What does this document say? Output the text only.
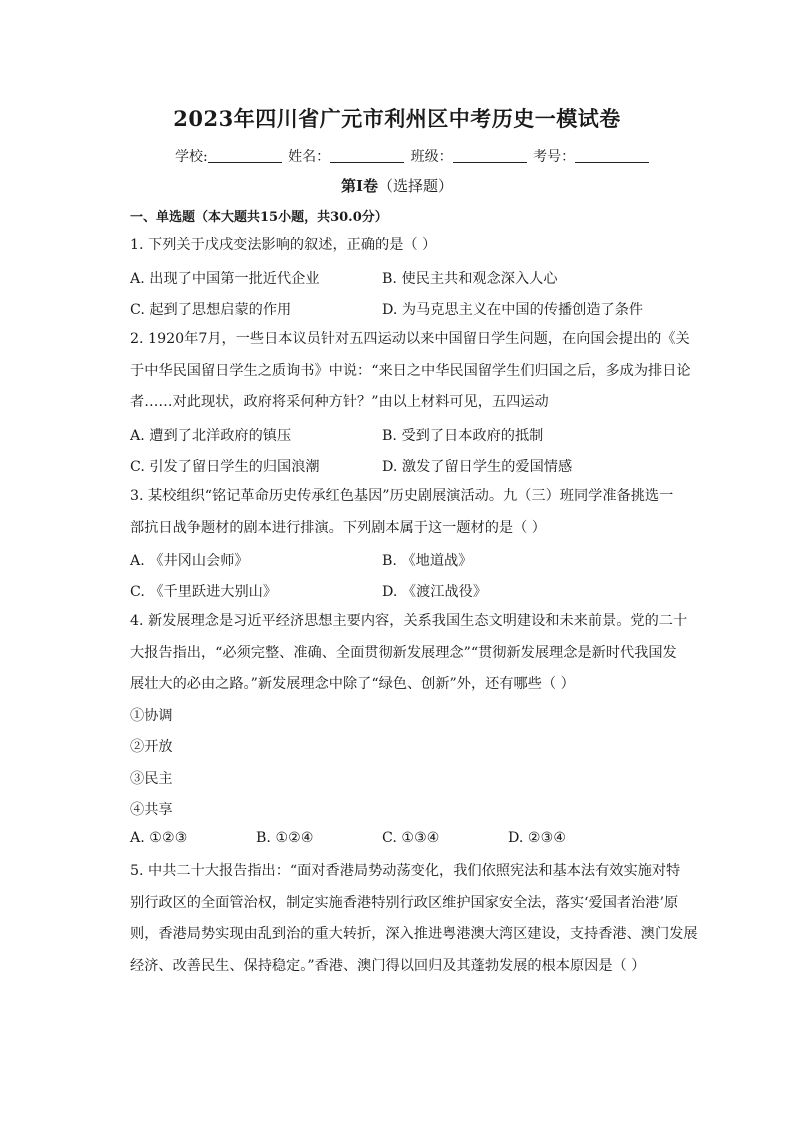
2023年四川省广元市利州区中考历史一模试卷
学校:	姓名：	班级：	考号：
第I卷（选择题）
一、单选题（本大题共15小题，共30.0分）
1. 下列关于戊戌变法影响的叙述，正确的是（ ）
A. 出现了中国第一批近代企业	B. 使民主共和观念深入人心
C. 起到了思想启蒙的作用	D. 为马克思主义在中国的传播创造了条件
2. 1920年7月，一些日本议员针对五四运动以来中国留日学生问题，在向国会提出的《关
于中华民国留日学生之质询书》中说：“来日之中华民国留学生们归国之后，多成为排日论
者……对此现状，政府将采何种方针？”由以上材料可见，五四运动
A. 遭到了北洋政府的镇压	B. 受到了日本政府的抵制
C. 引发了留日学生的归国浪潮	D. 激发了留日学生的爱国情感
3. 某校组织“铭记革命历史传承红色基因”历史剧展演活动。九（三）班同学准备挑选一
部抗日战争题材的剧本进行排演。下列剧本属于这一题材的是（ ）
A. 《井冈山会师》	B. 《地道战》
C. 《千里跃进大别山》	D. 《渡江战役》
4. 新发展理念是习近平经济思想主要内容，关系我国生态文明建设和未来前景。党的二十
大报告指出，“必须完整、准确、全面贯彻新发展理念”“贯彻新发展理念是新时代我国发
展壮大的必由之路。”新发展理念中除了“绿色、创新”外，还有哪些（ ）
①协调
②开放
③民主
④共享
A. ①②③	B. ①②④	C. ①③④	D. ②③④
5. 中共二十大报告指出：“面对香港局势动荡变化，我们依照宪法和基本法有效实施对特
别行政区的全面管治权，制定实施香港特别行政区维护国家安全法，落实‘爱国者治港’原
则，香港局势实现由乱到治的重大转折，深入推进粤港澳大湾区建设，支持香港、澳门发展
经济、改善民生、保持稳定。”香港、澳门得以回归及其蓬勃发展的根本原因是（ ）
